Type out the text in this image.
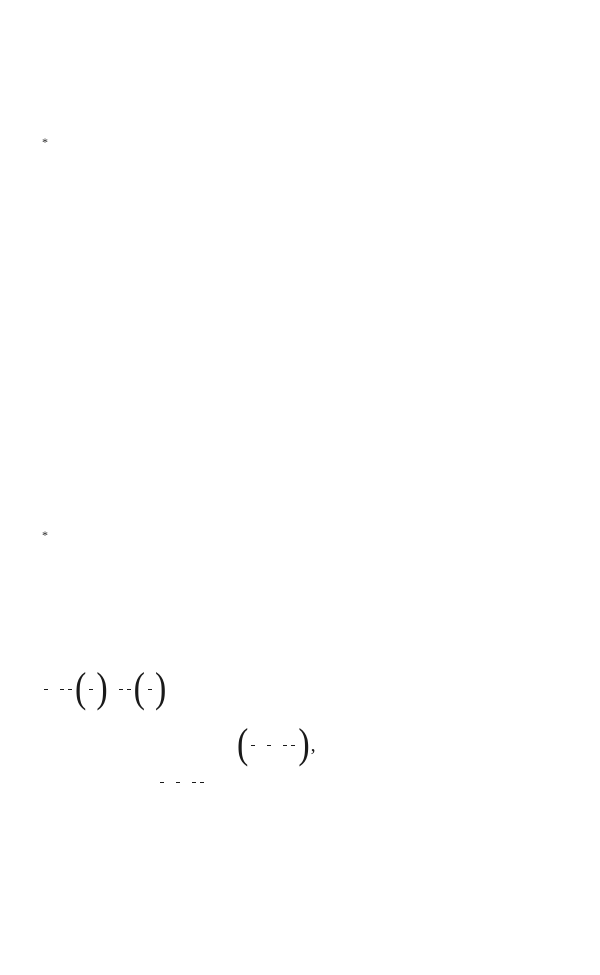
$_*$
$_*$
( ) ( )
( ) ,
